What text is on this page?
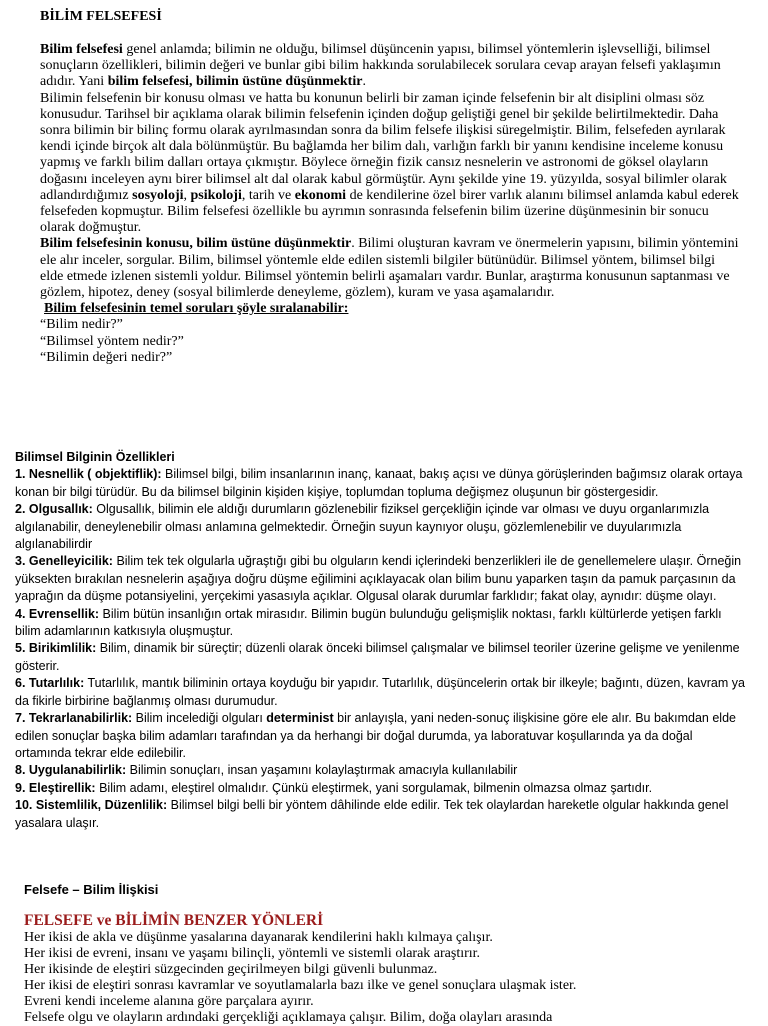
BİLİM FELSEFESİ

Bilim felsefesi genel anlamda; bilimin ne olduğu, bilimsel düşüncenin yapısı, bilimsel yöntemlerin işlevselliği, bilimsel sonuçların özellikleri, bilimin değeri ve bunlar gibi bilim hakkında sorulabilecek sorulara cevap arayan felsefi yaklaşımın adıdır. Yani bilim felsefesi, bilimin üstüne düşünmektir.

Bilimin felsefenin bir konusu olması ve hatta bu konunun belirli bir zaman içinde felsefenin bir alt disiplini olması söz konusudur. Tarihsel bir açıklama olarak bilimin felsefenin içinden doğup geliştiği genel bir şekilde belirtilmektedir. Daha sonra bilimin bir bilinç formu olarak ayrılmasından sonra da bilim felsefe ilişkisi süregelmiştir. Bilim, felsefeden ayrılarak kendi içinde birçok alt dala bölünmüştür. Bu bağlamda her bilim dalı, varlığın farklı bir yanını kendisine inceleme konusu yapmış ve farklı bilim dalları ortaya çıkmıştır. Böylece örneğin fizik cansız nesnelerin ve astronomi de göksel olayların doğasını inceleyen aynı birer bilimsel alt dal olarak kabul görmüştür. Aynı şekilde yine 19. yüzyılda, sosyal bilimler olarak adlandırdığımız sosyoloji, psikoloji, tarih ve ekonomi de kendilerine özel birer varlık alanını bilimsel anlamda kabul ederek felsefeden kopmuştur. Bilim felsefesi özellikle bu ayrımın sonrasında felsefenin bilim üzerine düşünmesinin bir sonucu olarak doğmuştur.

Bilim felsefesinin konusu, bilim üstüne düşünmektir. Bilimi oluşturan kavram ve önermelerin yapısını, bilimin yöntemini ele alır inceler, sorgular. Bilim, bilimsel yöntemle elde edilen sistemli bilgiler bütünüdür. Bilimsel yöntem, bilimsel bilgi elde etmede izlenen sistemli yoldur. Bilimsel yöntemin belirli aşamaları vardır. Bunlar, araştırma konusunun saptanması ve gözlem, hipotez, deney (sosyal bilimlerde deneyleme, gözlem), kuram ve yasa aşamalarıdır.

Bilim felsefesinin temel soruları şöyle sıralanabilir:
“Bilim nedir?”
“Bilimsel yöntem nedir?”
“Bilimin değeri nedir?”
Bilimsel Bilginin Özellikleri
1. Nesnellik ( objektiflik): Bilimsel bilgi, bilim insanlarının inanç, kanaat, bakış açısı ve dünya görüşlerinden bağımsız olarak ortaya konan bir bilgi türüdür. Bu da bilimsel bilginin kişiden kişiye, toplumdan topluma değişmez oluşunun bir göstergesidir.
2. Olgusallık: Olgusallık, bilimin ele aldığı durumların gözlenebilir fiziksel gerçekliğin içinde var olması ve duyu organlarımızla algılanabilir, deneylenebilir olması anlamına gelmektedir. Örneğin suyun kaynıyor oluşu, gözlemlenebilir ve duyularımızla algılanabilirdir
3. Genelleyicilik: Bilim tek tek olgularla uğraştığı gibi bu olguların kendi içlerindeki benzerlikleri ile de genellemelere ulaşır. Örneğin yüksekten bırakılan nesnelerin aşağıya doğru düşme eğilimini açıklayacak olan bilim bunu yaparken taşın da pamuk parçasının da yaprağın da düşme potansiyelini, yerçekimi yasasıyla açıklar. Olgusal olarak durumlar farklıdır; fakat olay, aynıdır: düşme olayı.
4. Evrensellik: Bilim bütün insanlığın ortak mirasıdır. Bilimin bugün bulunduğu gelişmişlik noktası, farklı kültürlerde yetişen farklı bilim adamlarının katkısıyla oluşmuştur.
5. Birikimlilik: Bilim, dinamik bir süreçtir; düzenli olarak önceki bilimsel çalışmalar ve bilimsel teoriler üzerine gelişme ve yenilenme gösterir.
6. Tutarlılık: Tutarlılık, mantık biliminin ortaya koyduğu bir yapıdır. Tutarlılık, düşüncelerin ortak bir ilkeyle; bağıntı, düzen, kavram ya da fikirle birbirine bağlanmış olması durumudur.
7. Tekrarlanabilirlik: Bilim incelediği olguları determinist bir anlayışla, yani neden-sonuç ilişkisine göre ele alır. Bu bakımdan elde edilen sonuçlar başka bilim adamları tarafından ya da herhangi bir doğal durumda, ya laboratuvar koşullarında ya da doğal ortamında tekrar elde edilebilir.
8. Uygulanabilirlik: Bilimin sonuçları, insan yaşamını kolaylaştırmak amacıyla kullanılabilir
9. Eleştirellik: Bilim adamı, eleştirel olmalıdır. Çünkü eleştirmek, yani sorgulamak, bilmenin olmazsa olmaz şartıdır.
10. Sistemlilik, Düzenlilik: Bilimsel bilgi belli bir yöntem dâhilinde elde edilir. Tek tek olaylardan hareketle olgular hakkında genel yasalara ulaşır.
Felsefe – Bilim İlişkisi
FELSEFE ve BİLİMİN BENZER YÖNLERİ
Her ikisi de akla ve düşünme yasalarına dayanarak kendilerini haklı kılmaya çalışır.
Her ikisi de evreni, insanı ve yaşamı bilinçli, yöntemli ve sistemli olarak araştırır.
Her ikisinde de eleştiri süzgecinden geçirilmeyen bilgi güvenli bulunmaz.
Her ikisi de eleştiri sonrası kavramlar ve soyutlamalarla bazı ilke ve genel sonuçlara ulaşmak ister.
Evreni kendi inceleme alanına göre parçalara ayırır.
Felsefe olgu ve olayların ardındaki gerçekliği açıklamaya çalışır. Bilim, doğa olayları arasında
